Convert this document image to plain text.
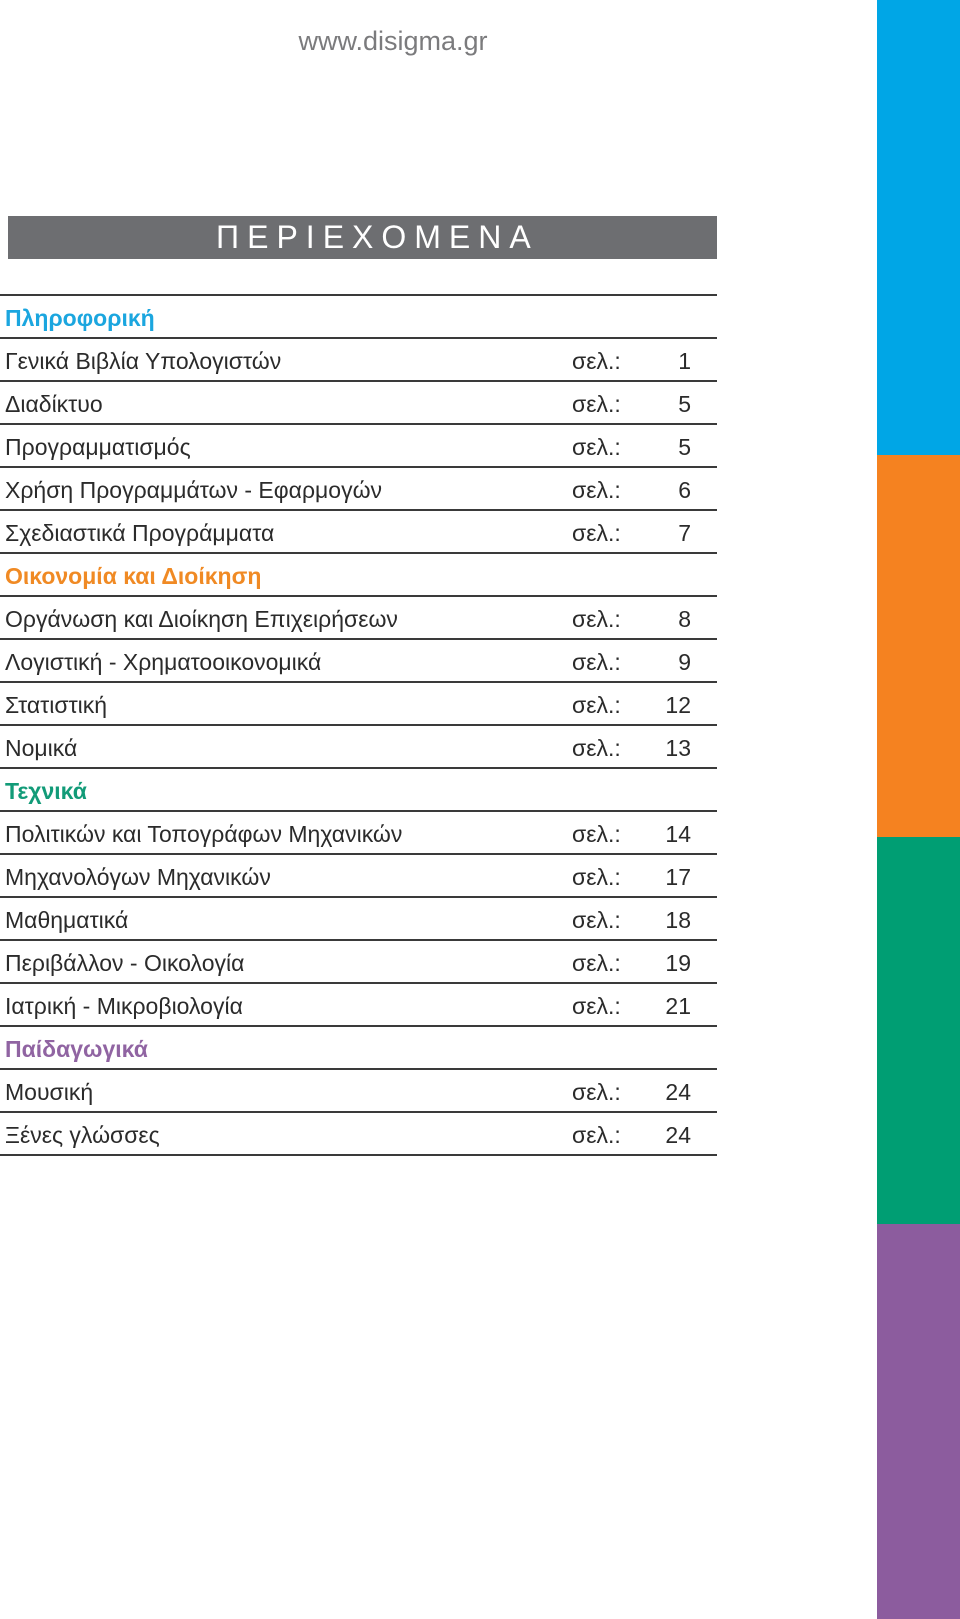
www.disigma.gr
ΠΕΡΙΕΧΟΜΕΝΑ
Πληροφορική
Γενικά Βιβλία Υπολογιστών	σελ.:	1
Διαδίκτυο	σελ.:	5
Προγραμματισμός	σελ.:	5
Χρήση Προγραμμάτων - Εφαρμογών	σελ.:	6
Σχεδιαστικά Προγράμματα	σελ.:	7
Οικονομία και Διοίκηση
Οργάνωση και Διοίκηση Επιχειρήσεων	σελ.:	8
Λογιστική - Χρηματοοικονομικά	σελ.:	9
Στατιστική	σελ.:	12
Νομικά	σελ.:	13
Τεχνικά
Πολιτικών και Τοπογράφων Μηχανικών	σελ.:	14
Μηχανολόγων Μηχανικών	σελ.:	17
Μαθηματικά	σελ.:	18
Περιβάλλον - Οικολογία	σελ.:	19
Ιατρική - Μικροβιολογία	σελ.:	21
Παίδαγωγικά
Μουσική	σελ.:	24
Ξένες γλώσσες	σελ.:	24
